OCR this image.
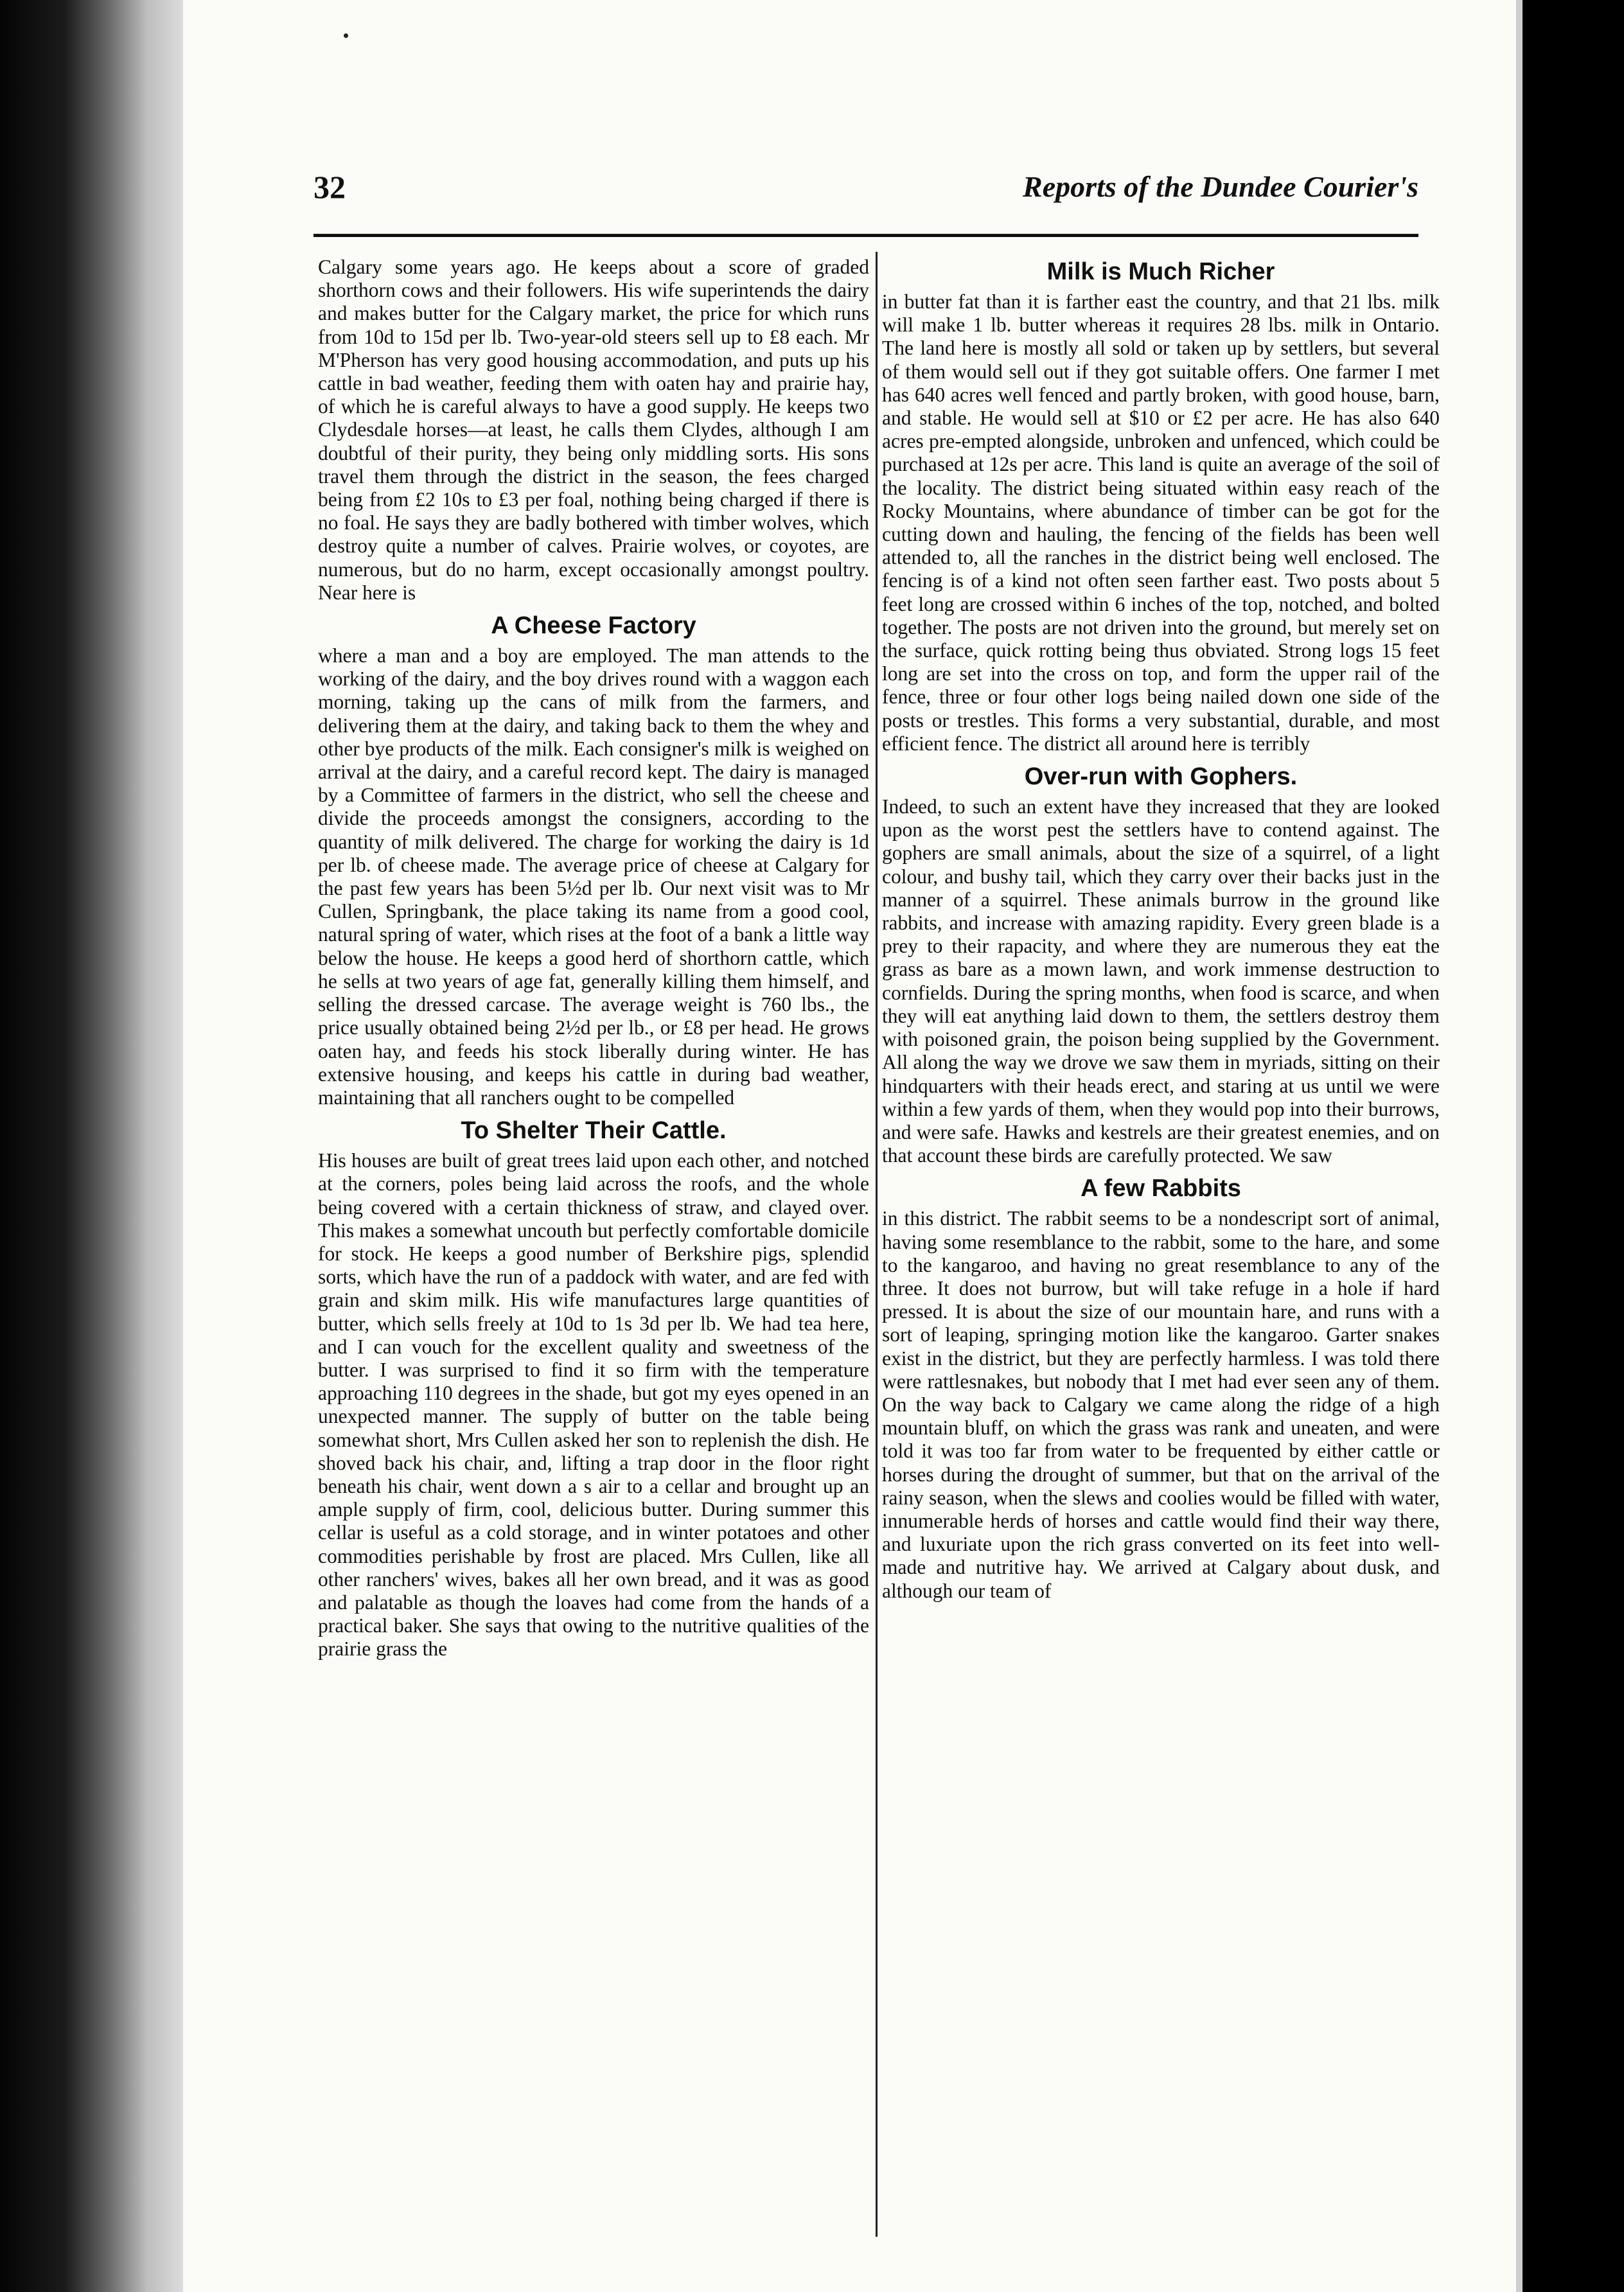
32	Reports of the Dundee Courier's

Calgary some years ago. He keeps about a score of graded shorthorn cows and their followers. His wife superintends the dairy and makes butter for the Calgary market, the price for which runs from 10d to 15d per lb. Two-year-old steers sell up to £8 each. Mr M'Pherson has very good housing accommodation, and puts up his cattle in bad weather, feeding them with oaten hay and prairie hay, of which he is careful always to have a good supply. He keeps two Clydesdale horses—at least, he calls them Clydes, although I am doubtful of their purity, they being only middling sorts. His sons travel them through the district in the season, the fees charged being from £2 10s to £3 per foal, nothing being charged if there is no foal. He says they are badly bothered with timber wolves, which destroy quite a number of calves. Prairie wolves, or coyotes, are numerous, but do no harm, except occasionally amongst poultry. Near here is

A Cheese Factory

where a man and a boy are employed. The man attends to the working of the dairy, and the boy drives round with a waggon each morning, taking up the cans of milk from the farmers, and delivering them at the dairy, and taking back to them the whey and other bye products of the milk. Each consigner's milk is weighed on arrival at the dairy, and a careful record kept. The dairy is managed by a Committee of farmers in the district, who sell the cheese and divide the proceeds amongst the consigners, according to the quantity of milk delivered. The charge for working the dairy is 1d per lb. of cheese made. The average price of cheese at Calgary for the past few years has been 5½d per lb. Our next visit was to Mr Cullen, Springbank, the place taking its name from a good cool, natural spring of water, which rises at the foot of a bank a little way below the house. He keeps a good herd of shorthorn cattle, which he sells at two years of age fat, generally killing them himself, and selling the dressed carcase. The average weight is 760 lbs., the price usually obtained being 2½d per lb., or £8 per head. He grows oaten hay, and feeds his stock liberally during winter. He has extensive housing, and keeps his cattle in during bad weather, maintaining that all ranchers ought to be compelled

To Shelter Their Cattle.

His houses are built of great trees laid upon each other, and notched at the corners, poles being laid across the roofs, and the whole being covered with a certain thickness of straw, and clayed over. This makes a somewhat uncouth but perfectly comfortable domicile for stock. He keeps a good number of Berkshire pigs, splendid sorts, which have the run of a paddock with water, and are fed with grain and skim milk. His wife manufactures large quantities of butter, which sells freely at 10d to 1s 3d per lb. We had tea here, and I can vouch for the excellent quality and sweetness of the butter. I was surprised to find it so firm with the temperature approaching 110 degrees in the shade, but got my eyes opened in an unexpected manner. The supply of butter on the table being somewhat short, Mrs Cullen asked her son to replenish the dish. He shoved back his chair, and, lifting a trap door in the floor right beneath his chair, went down a s air to a cellar and brought up an ample supply of firm, cool, delicious butter. During summer this cellar is useful as a cold storage, and in winter potatoes and other commodities perishable by frost are placed. Mrs Cullen, like all other ranchers' wives, bakes all her own bread, and it was as good and palatable as though the loaves had come from the hands of a practical baker. She says that owing to the nutritive qualities of the prairie grass the

Milk is Much Richer

in butter fat than it is farther east the country, and that 21 lbs. milk will make 1 lb. butter whereas it requires 28 lbs. milk in Ontario. The land here is mostly all sold or taken up by settlers, but several of them would sell out if they got suitable offers. One farmer I met has 640 acres well fenced and partly broken, with good house, barn, and stable. He would sell at $10 or £2 per acre. He has also 640 acres pre-empted alongside, unbroken and unfenced, which could be purchased at 12s per acre. This land is quite an average of the soil of the locality. The district being situated within easy reach of the Rocky Mountains, where abundance of timber can be got for the cutting down and hauling, the fencing of the fields has been well attended to, all the ranches in the district being well enclosed. The fencing is of a kind not often seen farther east. Two posts about 5 feet long are crossed within 6 inches of the top, notched, and bolted together. The posts are not driven into the ground, but merely set on the surface, quick rotting being thus obviated. Strong logs 15 feet long are set into the cross on top, and form the upper rail of the fence, three or four other logs being nailed down one side of the posts or trestles. This forms a very substantial, durable, and most efficient fence. The district all around here is terribly

Over-run with Gophers.

Indeed, to such an extent have they increased that they are looked upon as the worst pest the settlers have to contend against. The gophers are small animals, about the size of a squirrel, of a light colour, and bushy tail, which they carry over their backs just in the manner of a squirrel. These animals burrow in the ground like rabbits, and increase with amazing rapidity. Every green blade is a prey to their rapacity, and where they are numerous they eat the grass as bare as a mown lawn, and work immense destruction to cornfields. During the spring months, when food is scarce, and when they will eat anything laid down to them, the settlers destroy them with poisoned grain, the poison being supplied by the Government. All along the way we drove we saw them in myriads, sitting on their hindquarters with their heads erect, and staring at us until we were within a few yards of them, when they would pop into their burrows, and were safe. Hawks and kestrels are their greatest enemies, and on that account these birds are carefully protected. We saw

A few Rabbits

in this district. The rabbit seems to be a nondescript sort of animal, having some resemblance to the rabbit, some to the hare, and some to the kangaroo, and having no great resemblance to any of the three. It does not burrow, but will take refuge in a hole if hard pressed. It is about the size of our mountain hare, and runs with a sort of leaping, springing motion like the kangaroo. Garter snakes exist in the district, but they are perfectly harmless. I was told there were rattlesnakes, but nobody that I met had ever seen any of them. On the way back to Calgary we came along the ridge of a high mountain bluff, on which the grass was rank and uneaten, and were told it was too far from water to be frequented by either cattle or horses during the drought of summer, but that on the arrival of the rainy season, when the slews and coolies would be filled with water, innumerable herds of horses and cattle would find their way there, and luxuriate upon the rich grass converted on its feet into well-made and nutritive hay. We arrived at Calgary about dusk, and although our team of
